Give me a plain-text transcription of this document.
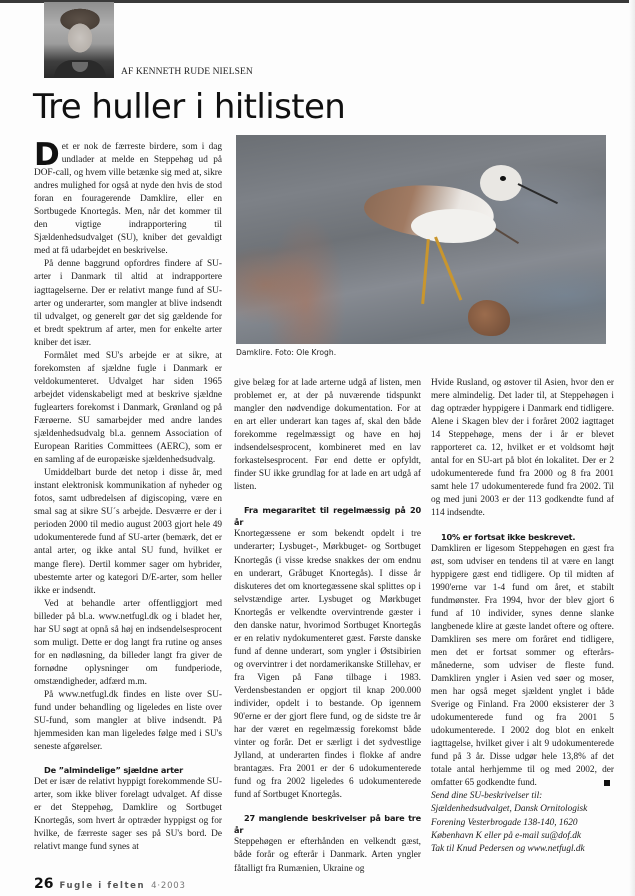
AF KENNETH RUDE NIELSEN
Tre huller i hitlisten
Damklire. Foto: Ole Krogh.

Det er nok de færreste birdere, som i dag undlader at melde en Steppehøg ud på DOF-call, og hvem ville betænke sig med at, sikre andres mulighed for også at nyde den hvis de stod foran en fouragerende Damklire, eller en Sortbugede Knortegås. Men, når det kommer til den vigtige indrapportering til Sjældenhedsudvalget (SU), kniber det gevaldigt med at få udarbejdet en beskrivelse.

På denne baggrund opfordres findere af SU-arter i Danmark til altid at indrapportere iagttagelserne. Der er relativt mange fund af SU-arter og underarter, som mangler at blive indsendt til udvalget, og generelt gør det sig gældende for et bredt spektrum af arter, men for enkelte arter kniber det især.

Formålet med SU's arbejde er at sikre, at forekomsten af sjældne fugle i Danmark er veldokumenteret. Udvalget har siden 1965 arbejdet videnskabeligt med at beskrive sjældne fuglearters forekomst i Danmark, Grønland og på Færøerne. SU samarbejder med andre landes sjældenhedsudvalg bl.a. gennem Association of European Rarities Committees (AERC), som er en samling af de europæiske sjældenhedsudvalg.

Umiddelbart burde det netop i disse år, med instant elektronisk kommunikation af nyheder og fotos, samt udbredelsen af digiscoping, være en smal sag at sikre SU´s arbejde. Desværre er der i perioden 2000 til medio august 2003 gjort hele 49 udokumenterede fund af SU-arter (bemærk, det er antal arter, og ikke antal SU fund, hvilket er mange flere). Dertil kommer sager om hybrider, ubestemte arter og kategori D/E-arter, som heller ikke er indsendt.

Ved at behandle arter offentliggjort med billeder på bl.a. www.netfugl.dk og i bladet her, har SU søgt at opnå så høj en indsendelsesprocent som muligt. Dette er dog langt fra rutine og anses for en nødløsning, da billeder langt fra giver de fornødne oplysninger om fundperiode, omstændigheder, adfærd m.m.

På www.netfugl.dk findes en liste over SU-fund under behandling og ligeledes en liste over SU-fund, som mangler at blive indsendt. På hjemmesiden kan man ligeledes følge med i SU's seneste afgørelser.

De ”almindelige” sjældne arter

Det er især de relativt hyppigt forekommende SU-arter, som ikke bliver forelagt udvalget. Af disse er det Steppehøg, Damklire og Sortbuget Knortegås, som hvert år optræder hyppigst og for hvilke, de færreste sager ses på SU's bord. De relativt mange fund synes at

give belæg for at lade arterne udgå af listen, men problemet er, at der på nuværende tidspunkt mangler den nødvendige dokumentation. For at en art eller underart kan tages af, skal den både forekomme regelmæssigt og have en høj indsendelsesprocent, kombineret med en lav forkastelsesprocent. Før end dette er opfyldt, finder SU ikke grundlag for at lade en art udgå af listen.

Fra megararitet til regelmæssig på 20 år

Knortegæssene er som bekendt opdelt i tre underarter; Lysbuget-, Mørkbuget- og Sortbuget Knortegås (i visse kredse snakkes der om endnu en underart, Gråbuget Knortegås). I disse år diskuteres det om knortegæssene skal splittes op i selvstændige arter. Lysbuget og Mørkbuget Knortegås er velkendte overvintrende gæster i den danske natur, hvorimod Sortbuget Knortegås er en relativ nydokumenteret gæst. Første danske fund af denne underart, som yngler i Østsibirien og overvintrer i det nordamerikanske Stillehav, er fra Vigen på Fanø tilbage i 1983. Verdensbestanden er opgjort til knap 200.000 individer, opdelt i to bestande. Op igennem 90'erne er der gjort flere fund, og de sidste tre år har der været en regelmæssig forekomst både vinter og forår. Det er særligt i det sydvestlige Jylland, at underarten findes i flokke af andre brantagæs. Fra 2001 er der 6 udokumenterede fund og fra 2002 ligeledes 6 udokumenterede fund af Sortbuget Knortegås.

27 manglende beskrivelser på bare tre år

Steppehøgen er efterhånden en velkendt gæst, både forår og efterår i Danmark. Arten yngler fåtalligt fra Rumænien, Ukraine og

Hvide Rusland, og østover til Asien, hvor den er mere almindelig. Det lader til, at Steppehøgen i dag optræder hyppigere i Danmark end tidligere. Alene i Skagen blev der i foråret 2002 iagttaget 14 Steppehøge, mens der i år er blevet rapporteret ca. 12, hvilket er et voldsomt højt antal for en SU-art på blot én lokalitet. Der er 2 udokumenterede fund fra 2000 og 8 fra 2001 samt hele 17 udokumenterede fund fra 2002. Til og med juni 2003 er der 113 godkendte fund af 114 indsendte.

10% er fortsat ikke beskrevet.

Damkliren er ligesom Steppehøgen en gæst fra øst, som udviser en tendens til at være en langt hyppigere gæst end tidligere. Op til midten af 1990'erne var 1-4 fund om året, et stabilt fundmønster. Fra 1994, hvor der blev gjort 6 fund af 10 individer, synes denne slanke langbenede klire at gæste landet oftere og oftere. Damkliren ses mere om foråret end tidligere, men det er fortsat sommer og efterårs-månederne, som udviser de fleste fund. Damkliren yngler i Asien ved søer og moser, men har også meget sjældent ynglet i både Sverige og Finland. Fra 2000 eksisterer der 3 udokumenterede fund og fra 2001 5 udokumenterede. I 2002 dog blot en enkelt iagttagelse, hvilket giver i alt 9 udokumenterede fund på 3 år. Disse udgør hele 13,8% af det totale antal herhjemme til og med 2002, der omfatter 65 godkendte fund.

Send dine SU-beskrivelser til:

Sjældenhedsudvalget, Dansk Ornitologisk Forening Vesterbrogade 138-140, 1620 København K eller på e-mail su@dof.dk

Tak til Knud Pedersen og www.netfugl.dk

26 Fugle i felten 4·2003
